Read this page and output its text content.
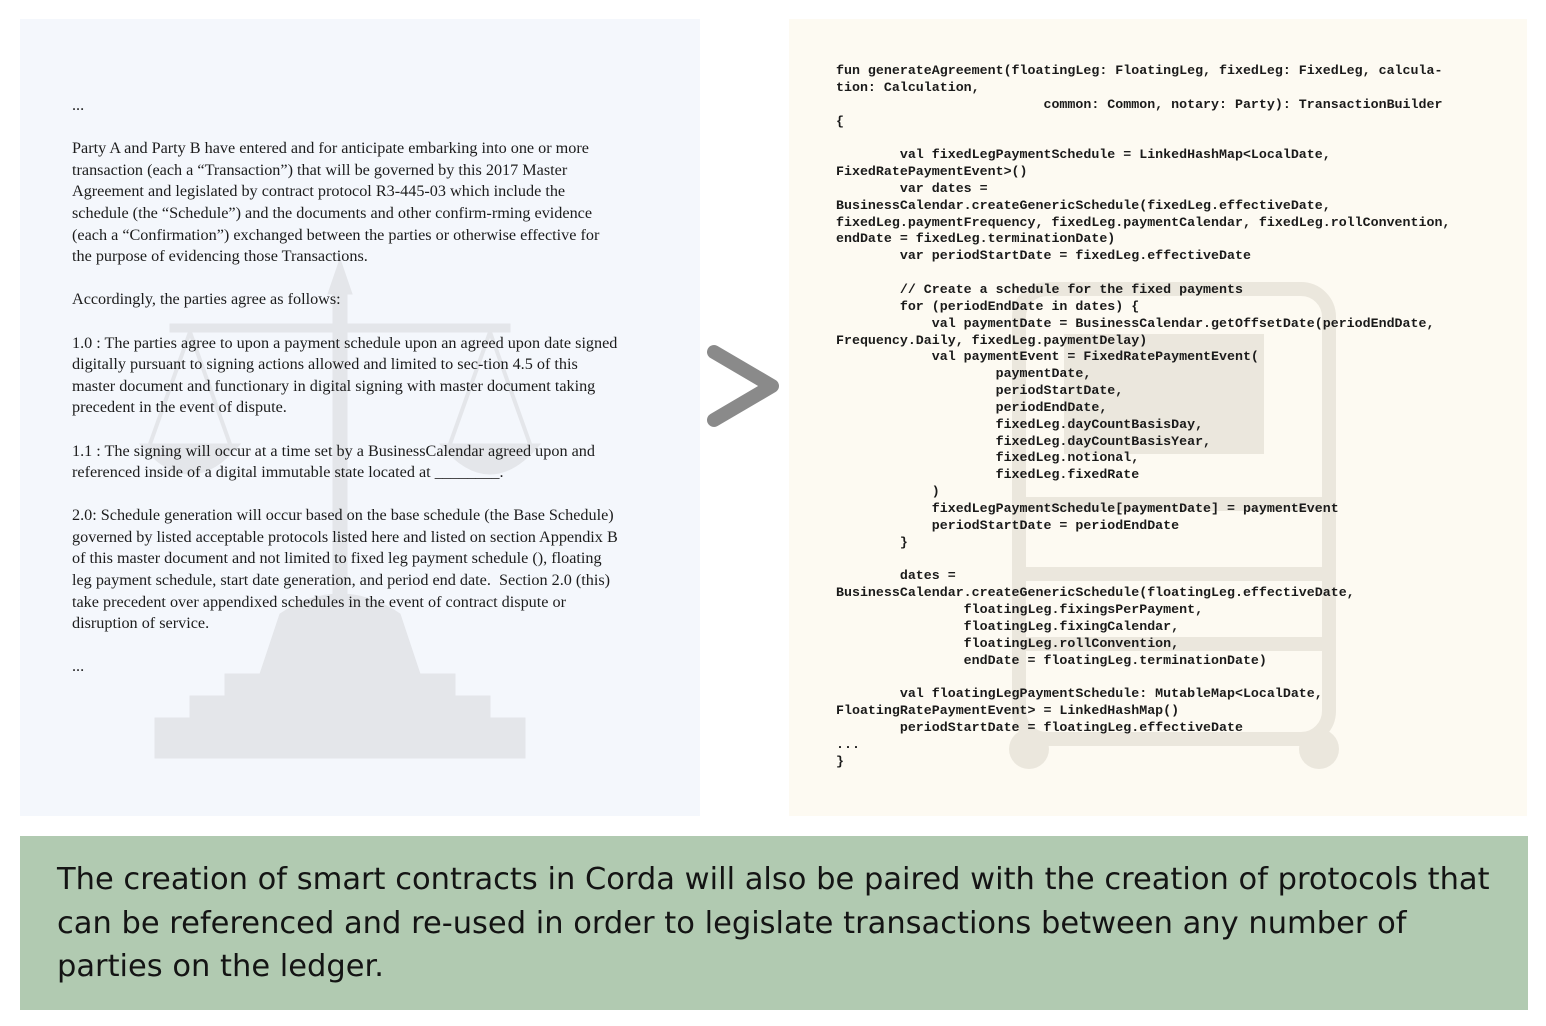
...

Party A and Party B have entered and for anticipate embarking into one or more transaction (each a “Transaction”) that will be governed by this 2017 Master Agreement and legislated by contract protocol R3-445-03 which include the schedule (the “Schedule”) and the documents and other confirm-rming evidence (each a “Confirmation”) exchanged between the parties or otherwise effective for the purpose of evidencing those Transactions.

Accordingly, the parties agree as follows:

1.0 : The parties agree to upon a payment schedule upon an agreed upon date signed digitally pursuant to signing actions allowed and limited to sec-tion 4.5 of this master document and functionary in digital signing with master document taking precedent in the event of dispute.

1.1 : The signing will occur at a time set by a BusinessCalendar agreed upon and referenced inside of a digital immutable state located at ________.

2.0: Schedule generation will occur based on the base schedule (the Base Schedule) governed by listed acceptable protocols listed here and listed on section Appendix B of this master document and not limited to fixed leg payment schedule (), floating leg payment schedule, start date generation, and period end date.  Section 2.0 (this) take precedent over appendixed schedules in the event of contract dispute or disruption of service.

...

fun generateAgreement(floatingLeg: FloatingLeg, fixedLeg: FixedLeg, calcula-
tion: Calculation,
common: Common, notary: Party): TransactionBuilder
{

val fixedLegPaymentSchedule = LinkedHashMap<LocalDate,
FixedRatePaymentEvent>()
var dates =
BusinessCalendar.createGenericSchedule(fixedLeg.effectiveDate,
fixedLeg.paymentFrequency, fixedLeg.paymentCalendar, fixedLeg.rollConvention,
endDate = fixedLeg.terminationDate)
var periodStartDate = fixedLeg.effectiveDate

// Create a schedule for the fixed payments
for (periodEndDate in dates) {
val paymentDate = BusinessCalendar.getOffsetDate(periodEndDate,
Frequency.Daily, fixedLeg.paymentDelay)
val paymentEvent = FixedRatePaymentEvent(
paymentDate,
periodStartDate,
periodEndDate,
fixedLeg.dayCountBasisDay,
fixedLeg.dayCountBasisYear,
fixedLeg.notional,
fixedLeg.fixedRate
)
fixedLegPaymentSchedule[paymentDate] = paymentEvent
periodStartDate = periodEndDate
}

dates =
BusinessCalendar.createGenericSchedule(floatingLeg.effectiveDate,
floatingLeg.fixingsPerPayment,
floatingLeg.fixingCalendar,
floatingLeg.rollConvention,
endDate = floatingLeg.terminationDate)

val floatingLegPaymentSchedule: MutableMap<LocalDate,
FloatingRatePaymentEvent> = LinkedHashMap()
periodStartDate = floatingLeg.effectiveDate
...
}

The creation of smart contracts in Corda will also be paired with the creation of protocols that can be referenced and re-used in order to legislate transactions between any number of parties on the ledger.
